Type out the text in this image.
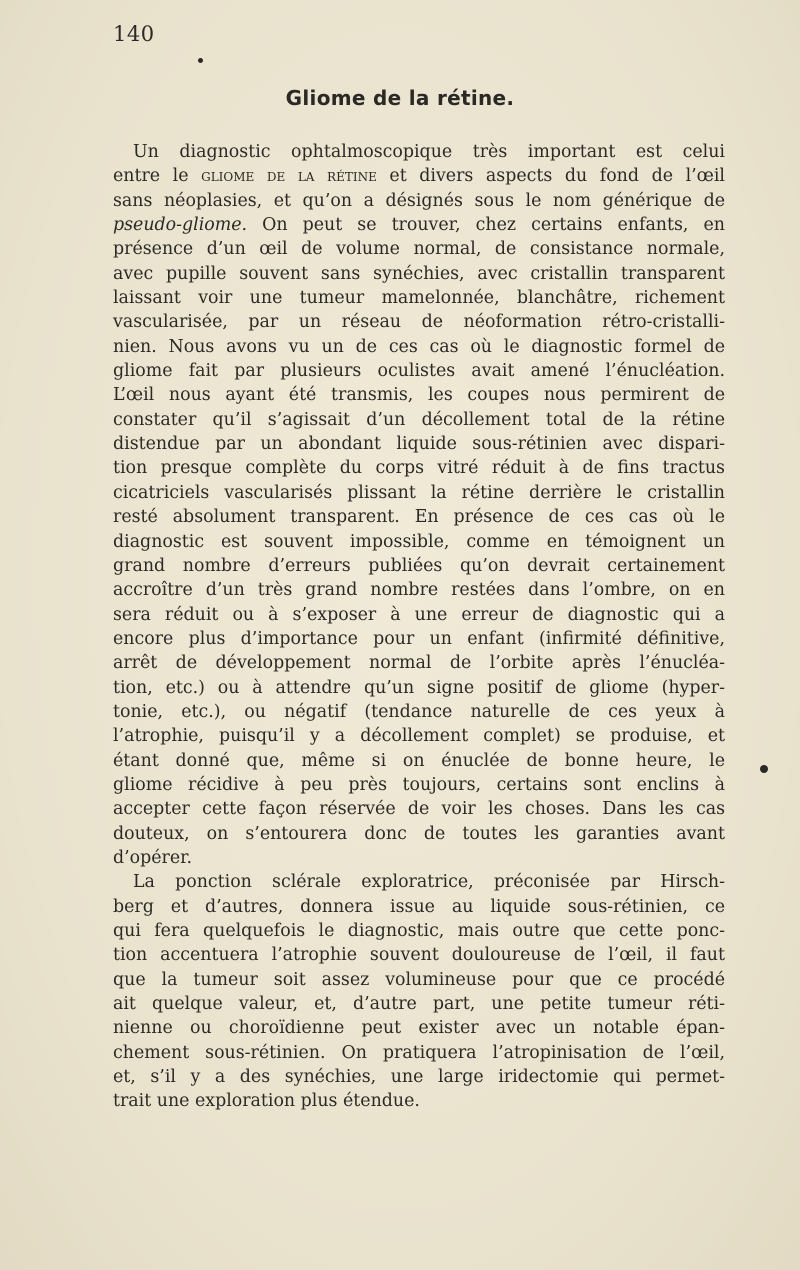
140
Gliome de la rétine.
Un diagnostic ophtalmoscopique très important est celui
entre le gliome de la rétine et divers aspects du fond de l’œil
sans néoplasies, et qu’on a désignés sous le nom générique de
pseudo-gliome. On peut se trouver, chez certains enfants, en
présence d’un œil de volume normal, de consistance normale,
avec pupille souvent sans synéchies, avec cristallin transparent
laissant voir une tumeur mamelonnée, blanchâtre, richement
vascularisée, par un réseau de néoformation rétro-cristalli-
nien. Nous avons vu un de ces cas où le diagnostic formel de
gliome fait par plusieurs oculistes avait amené l’énucléation.
L’œil nous ayant été transmis, les coupes nous permirent de
constater qu’il s’agissait d’un décollement total de la rétine
distendue par un abondant liquide sous-rétinien avec dispari-
tion presque complète du corps vitré réduit à de fins tractus
cicatriciels vascularisés plissant la rétine derrière le cristallin
resté absolument transparent. En présence de ces cas où le
diagnostic est souvent impossible, comme en témoignent un
grand nombre d’erreurs publiées qu’on devrait certainement
accroître d’un très grand nombre restées dans l’ombre, on en
sera réduit ou à s’exposer à une erreur de diagnostic qui a
encore plus d’importance pour un enfant (infirmité définitive,
arrêt de développement normal de l’orbite après l’énucléa-
tion, etc.) ou à attendre qu’un signe positif de gliome (hyper-
tonie, etc.), ou négatif (tendance naturelle de ces yeux à
l’atrophie, puisqu’il y a décollement complet) se produise, et
étant donné que, même si on énuclée de bonne heure, le
gliome récidive à peu près toujours, certains sont enclins à
accepter cette façon réservée de voir les choses. Dans les cas
douteux, on s’entourera donc de toutes les garanties avant
d’opérer.
La ponction sclérale exploratrice, préconisée par Hirsch-
berg et d’autres, donnera issue au liquide sous-rétinien, ce
qui fera quelquefois le diagnostic, mais outre que cette ponc-
tion accentuera l’atrophie souvent douloureuse de l’œil, il faut
que la tumeur soit assez volumineuse pour que ce procédé
ait quelque valeur, et, d’autre part, une petite tumeur réti-
nienne ou choroïdienne peut exister avec un notable épan-
chement sous-rétinien. On pratiquera l’atropinisation de l’œil,
et, s’il y a des synéchies, une large iridectomie qui permet-
trait une exploration plus étendue.
